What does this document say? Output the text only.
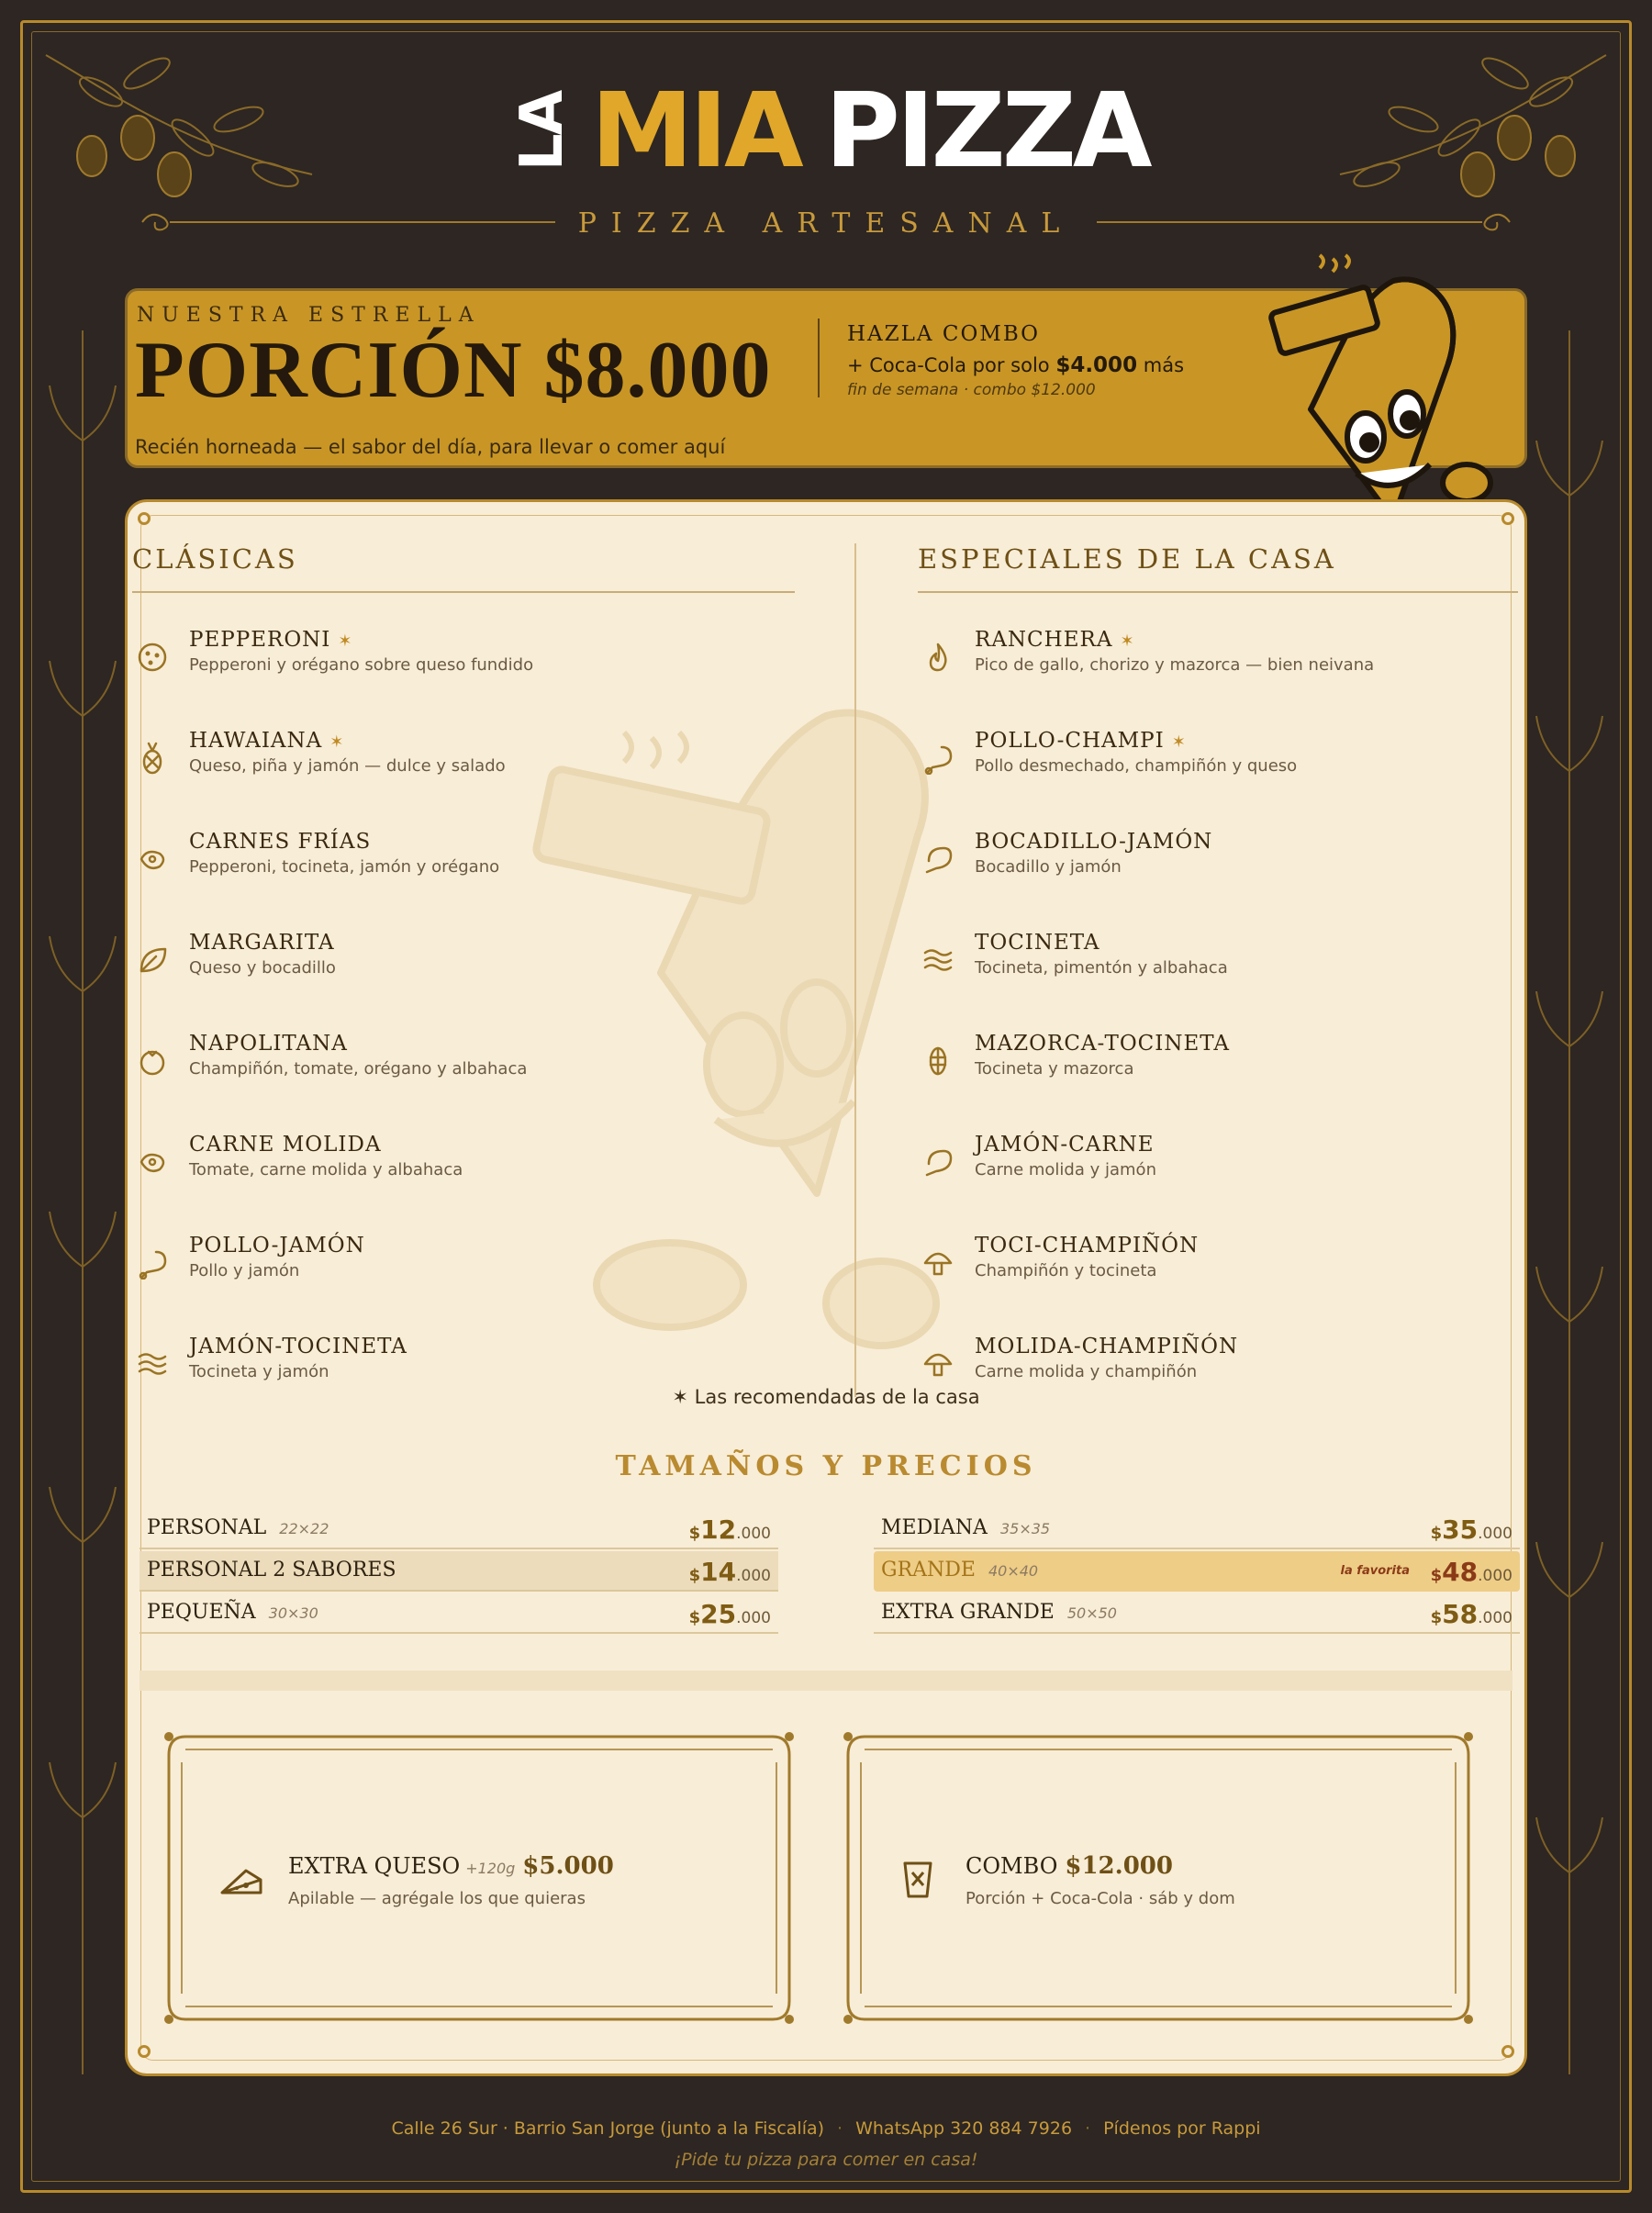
LA MIA PIZZA
PIZZA ARTESANAL
NUESTRA ESTRELLA
PORCIÓN $8.000	HAZLA COMBO
+ Coca-Cola por solo $4.000 más
fin de semana · combo $12.000
Recién horneada — el sabor del día, para llevar o comer aquí
CLÁSICAS
PEPPERONI ✶
Pepperoni y orégano sobre queso fundido
HAWAIANA ✶
Queso, piña y jamón — dulce y salado
CARNES FRÍAS
Pepperoni, tocineta, jamón y orégano
MARGARITA
Queso y bocadillo
NAPOLITANA
Champiñón, tomate, orégano y albahaca
CARNE MOLIDA
Tomate, carne molida y albahaca
POLLO-JAMÓN
Pollo y jamón
JAMÓN-TOCINETA
Tocineta y jamón
ESPECIALES DE LA CASA
RANCHERA ✶
Pico de gallo, chorizo y mazorca — bien neivana
POLLO-CHAMPI ✶
Pollo desmechado, champiñón y queso
BOCADILLO-JAMÓN
Bocadillo y jamón
TOCINETA
Tocineta, pimentón y albahaca
MAZORCA-TOCINETA
Tocineta y mazorca
JAMÓN-CARNE
Carne molida y jamón
TOCI-CHAMPIÑÓN
Champiñón y tocineta
MOLIDA-CHAMPIÑÓN
Carne molida y champiñón
✶ Las recomendadas de la casa
TAMAÑOS Y PRECIOS
PERSONAL 22×22	$12.000
PERSONAL 2 SABORES	$14.000
PEQUEÑA 30×30	$25.000
MEDIANA 35×35	$35.000
GRANDE 40×40	la favorita $48.000
EXTRA GRANDE 50×50	$58.000
EXTRA QUESO +120g $5.000
Apilable — agrégale los que quieras
COMBO $12.000
Porción + Coca-Cola · sáb y dom
Calle 26 Sur · Barrio San Jorge (junto a la Fiscalía) · WhatsApp 320 884 7926 · Pídenos por Rappi
¡Pide tu pizza para comer en casa!
